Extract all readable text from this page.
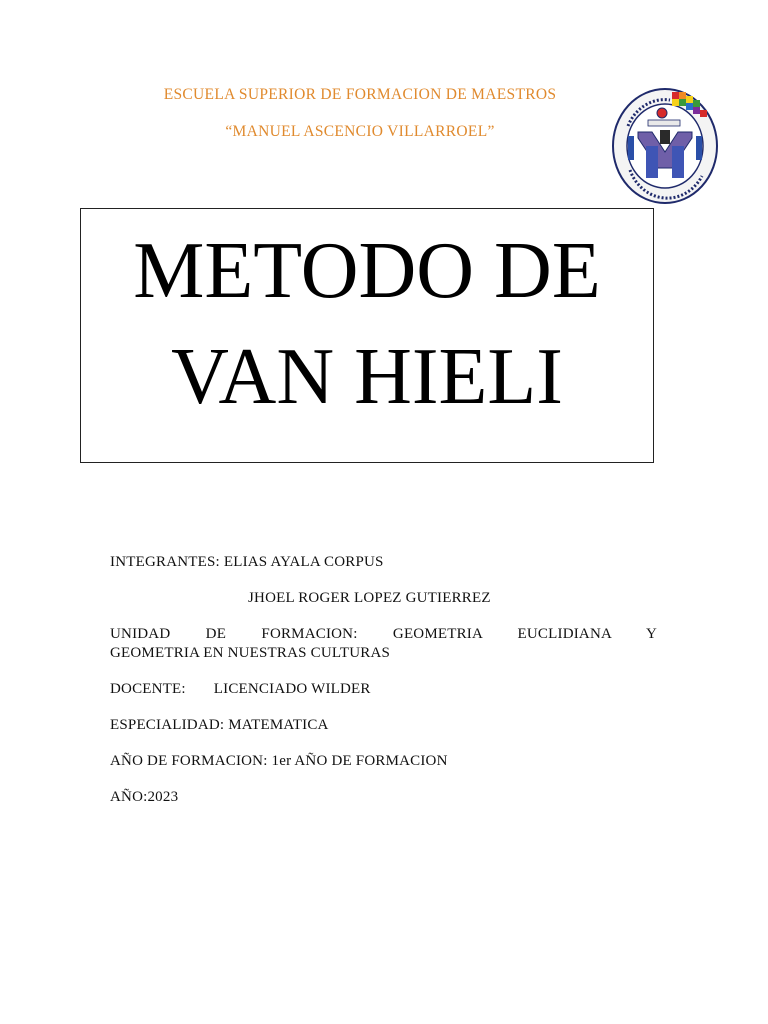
ESCUELA SUPERIOR DE FORMACION DE MAESTROS
“MANUEL ASCENCIO VILLARROEL”
METODO DE
VAN HIELI
INTEGRANTES: ELIAS AYALA CORPUS
JHOEL ROGER LOPEZ GUTIERREZ
UNIDAD DE FORMACION: GEOMETRIA EUCLIDIANA Y
GEOMETRIA EN NUESTRAS CULTURAS
DOCENTE: LICENCIADO WILDER
ESPECIALIDAD: MATEMATICA
AÑO DE FORMACION: 1er AÑO DE FORMACION
AÑO:2023
